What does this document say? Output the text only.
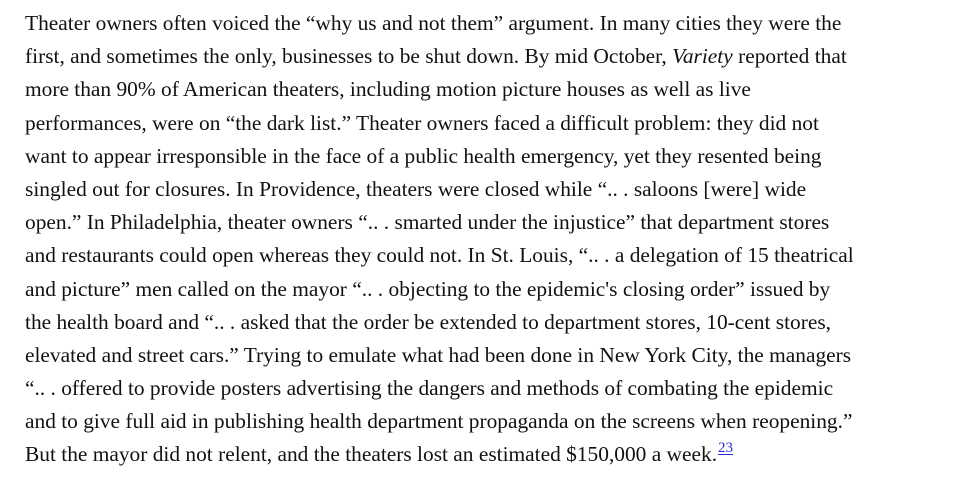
Theater owners often voiced the “why us and not them” argument. In many cities they were the
first, and sometimes the only, businesses to be shut down. By mid October, Variety reported that
more than 90% of American theaters, including motion picture houses as well as live
performances, were on “the dark list.” Theater owners faced a difficult problem: they did not
want to appear irresponsible in the face of a public health emergency, yet they resented being
singled out for closures. In Providence, theaters were closed while “.. . saloons [were] wide
open.” In Philadelphia, theater owners “.. . smarted under the injustice” that department stores
and restaurants could open whereas they could not. In St. Louis, “.. . a delegation of 15 theatrical
and picture” men called on the mayor “.. . objecting to the epidemic's closing order” issued by
the health board and “.. . asked that the order be extended to department stores, 10-cent stores,
elevated and street cars.” Trying to emulate what had been done in New York City, the managers
“.. . offered to provide posters advertising the dangers and methods of combating the epidemic
and to give full aid in publishing health department propaganda on the screens when reopening.”
But the mayor did not relent, and the theaters lost an estimated $150,000 a week.$^{23}$
